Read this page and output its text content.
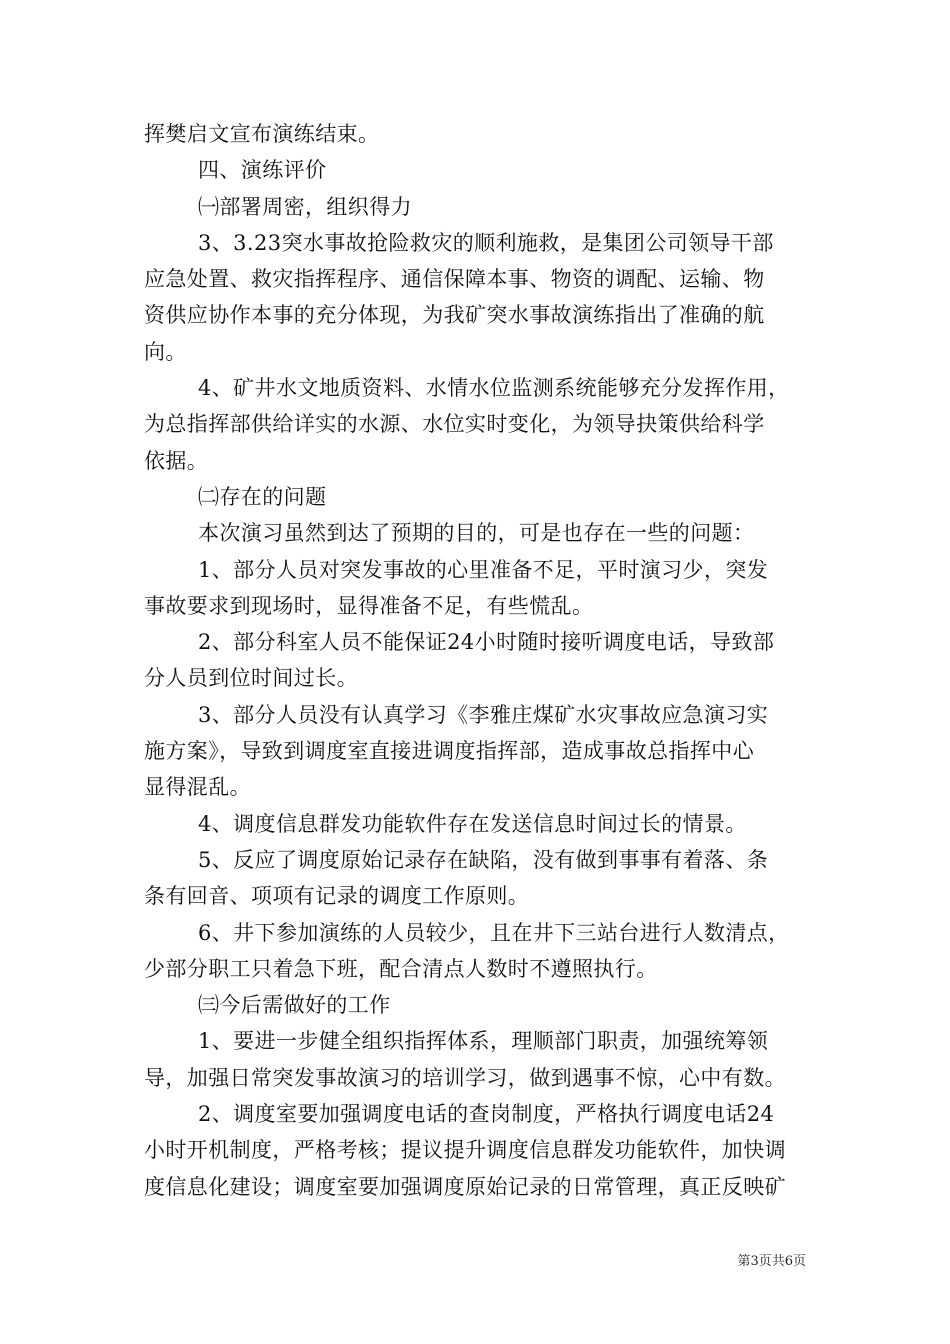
挥樊启文宣布演练结束。
四、演练评价
㈠部署周密，组织得力
3、3.23突水事故抢险救灾的顺利施救，是集团公司领导干部
应急处置、救灾指挥程序、通信保障本事、物资的调配、运输、物
资供应协作本事的充分体现，为我矿突水事故演练指出了准确的航
向。
4、矿井水文地质资料、水情水位监测系统能够充分发挥作用，
为总指挥部供给详实的水源、水位实时变化，为领导抉策供给科学
依据。
㈡存在的问题
本次演习虽然到达了预期的目的，可是也存在一些的问题：
1、部分人员对突发事故的心里准备不足，平时演习少，突发
事故要求到现场时，显得准备不足，有些慌乱。
2、部分科室人员不能保证24小时随时接听调度电话，导致部
分人员到位时间过长。
3、部分人员没有认真学习《李雅庄煤矿水灾事故应急演习实
施方案》，导致到调度室直接进调度指挥部，造成事故总指挥中心
显得混乱。
4、调度信息群发功能软件存在发送信息时间过长的情景。
5、反应了调度原始记录存在缺陷，没有做到事事有着落、条
条有回音、项项有记录的调度工作原则。
6、井下参加演练的人员较少，且在井下三站台进行人数清点，
少部分职工只着急下班，配合清点人数时不遵照执行。
㈢今后需做好的工作
1、要进一步健全组织指挥体系，理顺部门职责，加强统筹领
导，加强日常突发事故演习的培训学习，做到遇事不惊，心中有数。
2、调度室要加强调度电话的查岗制度，严格执行调度电话24
小时开机制度，严格考核；提议提升调度信息群发功能软件，加快调
度信息化建设；调度室要加强调度原始记录的日常管理，真正反映矿
第3页共6页
